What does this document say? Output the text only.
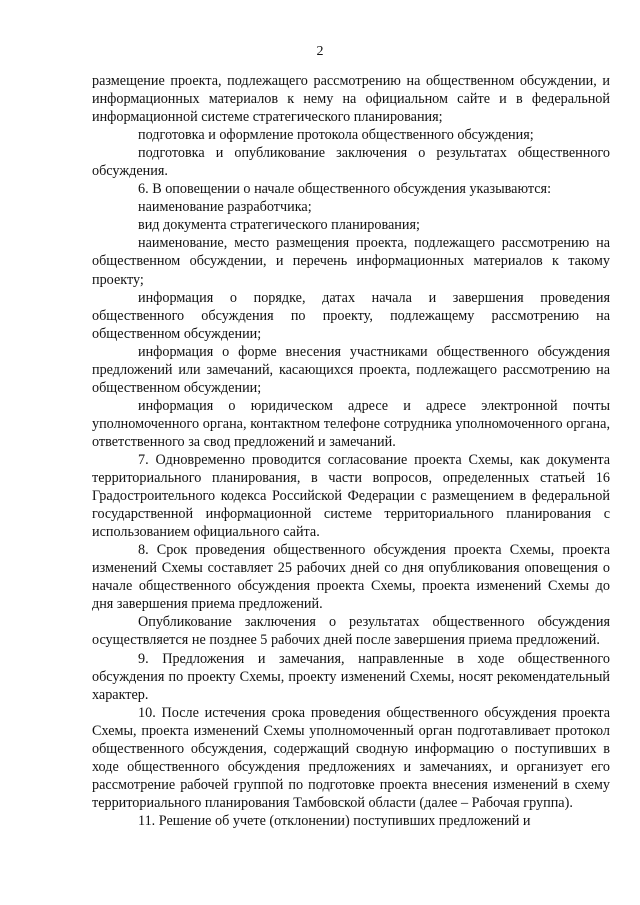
2

размещение проекта, подлежащего рассмотрению на общественном обсуждении, и информационных материалов к нему на официальном сайте и в федеральной информационной системе стратегического планирования;

подготовка и оформление протокола общественного обсуждения;

подготовка и опубликование заключения о результатах общественного обсуждения.

6. В оповещении о начале общественного обсуждения указываются:

наименование разработчика;

вид документа стратегического планирования;

наименование, место размещения проекта, подлежащего рассмотрению на общественном обсуждении, и перечень информационных материалов к такому проекту;

информация о порядке, датах начала и завершения проведения общественного обсуждения по проекту, подлежащему рассмотрению на общественном обсуждении;

информация о форме внесения участниками общественного обсуждения предложений или замечаний, касающихся проекта, подлежащего рассмотрению на общественном обсуждении;

информация о юридическом адресе и адресе электронной почты уполномоченного органа, контактном телефоне сотрудника уполномоченного органа, ответственного за свод предложений и замечаний.

7. Одновременно проводится согласование проекта Схемы, как документа территориального планирования, в части вопросов, определенных статьей 16 Градостроительного кодекса Российской Федерации с размещением в федеральной государственной информационной системе территориального планирования с использованием официального сайта.

8. Срок проведения общественного обсуждения проекта Схемы, проекта изменений Схемы составляет 25 рабочих дней со дня опубликования оповещения о начале общественного обсуждения проекта Схемы, проекта изменений Схемы до дня завершения приема предложений.

Опубликование заключения о результатах общественного обсуждения осуществляется не позднее 5 рабочих дней после завершения приема предложений.

9. Предложения и замечания, направленные в ходе общественного обсуждения по проекту Схемы, проекту изменений Схемы, носят рекомендательный характер.

10. После истечения срока проведения общественного обсуждения проекта Схемы, проекта изменений Схемы уполномоченный орган подготавливает протокол общественного обсуждения, содержащий сводную информацию о поступивших в ходе общественного обсуждения предложениях и замечаниях, и организует его рассмотрение рабочей группой по подготовке проекта внесения изменений в схему территориального планирования Тамбовской области (далее – Рабочая группа).

11. Решение об учете (отклонении) поступивших предложений и
